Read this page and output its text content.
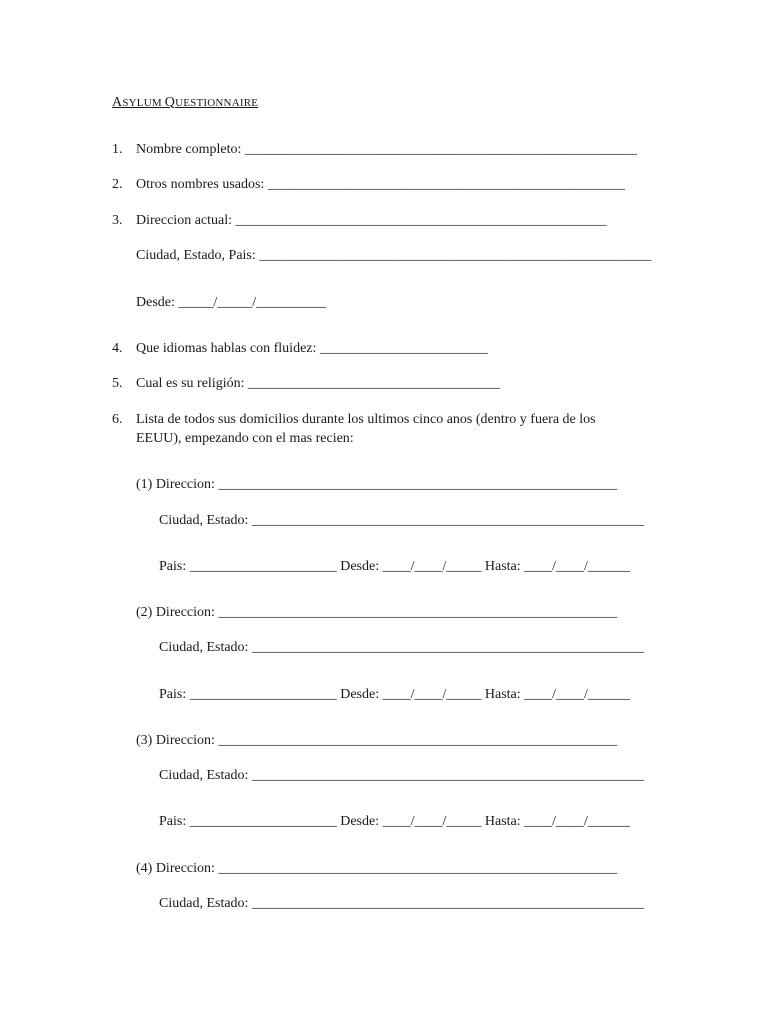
ASYLUM QUESTIONNAIRE
1. Nombre completo: ________________________________________________________
2. Otros nombres usados: ___________________________________________________
3. Direccion actual: _____________________________________________________
Ciudad, Estado, Pais: ________________________________________________________
Desde: _____/_____/__________
4. Que idiomas hablas con fluidez: ________________________
5. Cual es su religión: ____________________________________
6. Lista de todos sus domicilios durante los ultimos cinco anos (dentro y fuera de los
EEUU), empezando con el mas recien:
(1) Direccion: _________________________________________________________
Ciudad, Estado: ________________________________________________________
Pais: _____________________ Desde: ____/____/_____ Hasta: ____/____/______
(2) Direccion: _________________________________________________________
Ciudad, Estado: ________________________________________________________
Pais: _____________________ Desde: ____/____/_____ Hasta: ____/____/______
(3) Direccion: _________________________________________________________
Ciudad, Estado: ________________________________________________________
Pais: _____________________ Desde: ____/____/_____ Hasta: ____/____/______
(4) Direccion: _________________________________________________________
Ciudad, Estado: ________________________________________________________
